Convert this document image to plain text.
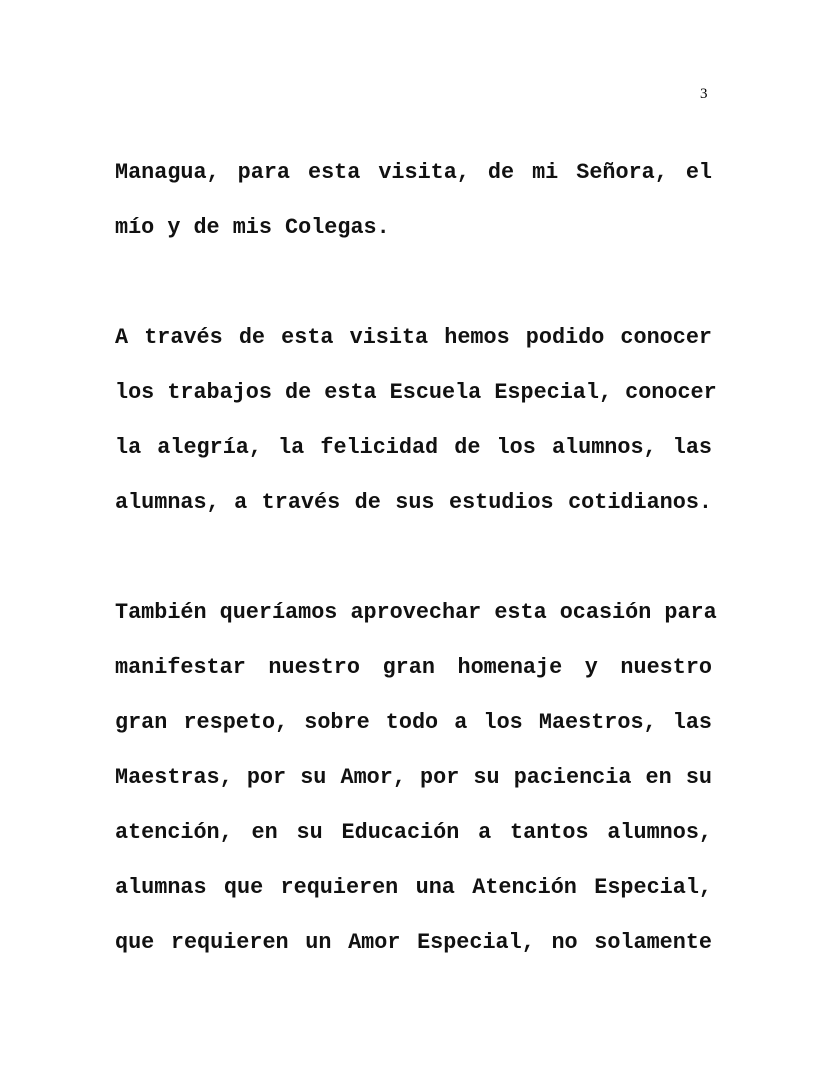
3
Managua, para esta visita, de mi Señora, el
mío y de mis Colegas.
A través de esta visita hemos podido conocer
los trabajos de esta Escuela Especial, conocer
la alegría, la felicidad de los alumnos, las
alumnas, a través de sus estudios cotidianos.
También queríamos aprovechar esta ocasión para
manifestar nuestro gran homenaje y nuestro
gran respeto, sobre todo a los Maestros, las
Maestras, por su Amor, por su paciencia en su
atención, en su Educación a tantos alumnos,
alumnas que requieren una Atención Especial,
que requieren un Amor Especial, no solamente
